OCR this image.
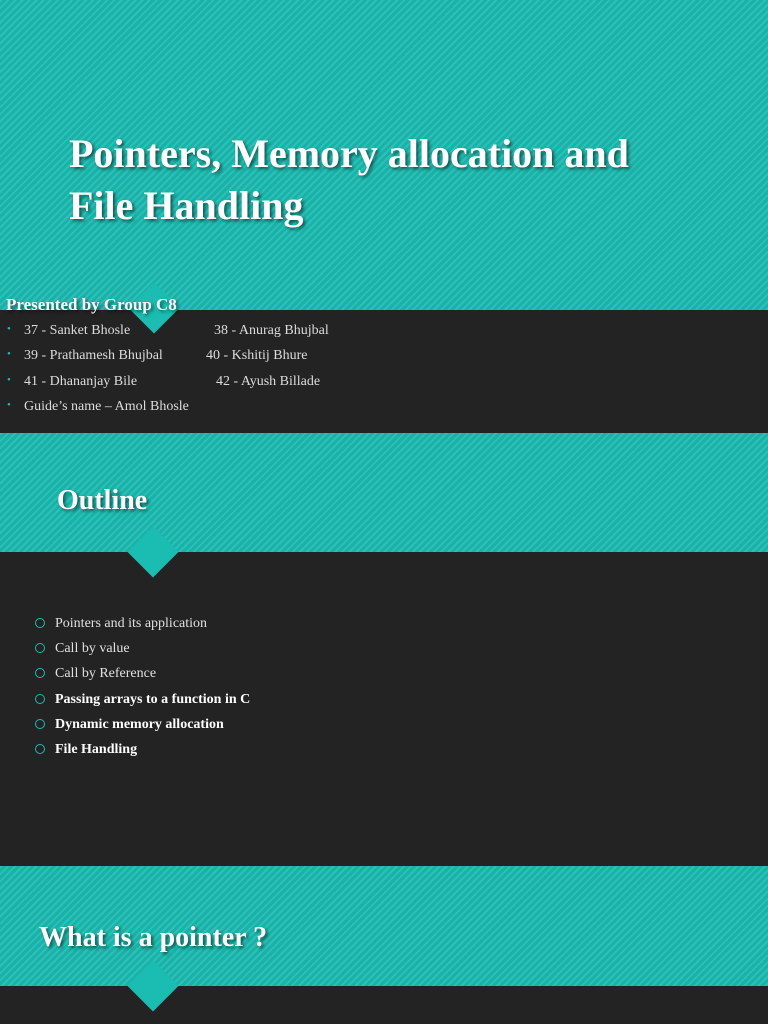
Pointers, Memory allocation and
File Handling
Presented by Group C8
• 37 - Sanket Bhosle	38 - Anurag Bhujbal
• 39 - Prathamesh Bhujbal	40 - Kshitij Bhure
• 41 - Dhananjay Bile	42 - Ayush Billade
• Guide’s name – Amol Bhosle
Outline
Pointers and its application
Call by value
Call by Reference
Passing arrays to a function in C
Dynamic memory allocation
File Handling
What is a pointer ?
